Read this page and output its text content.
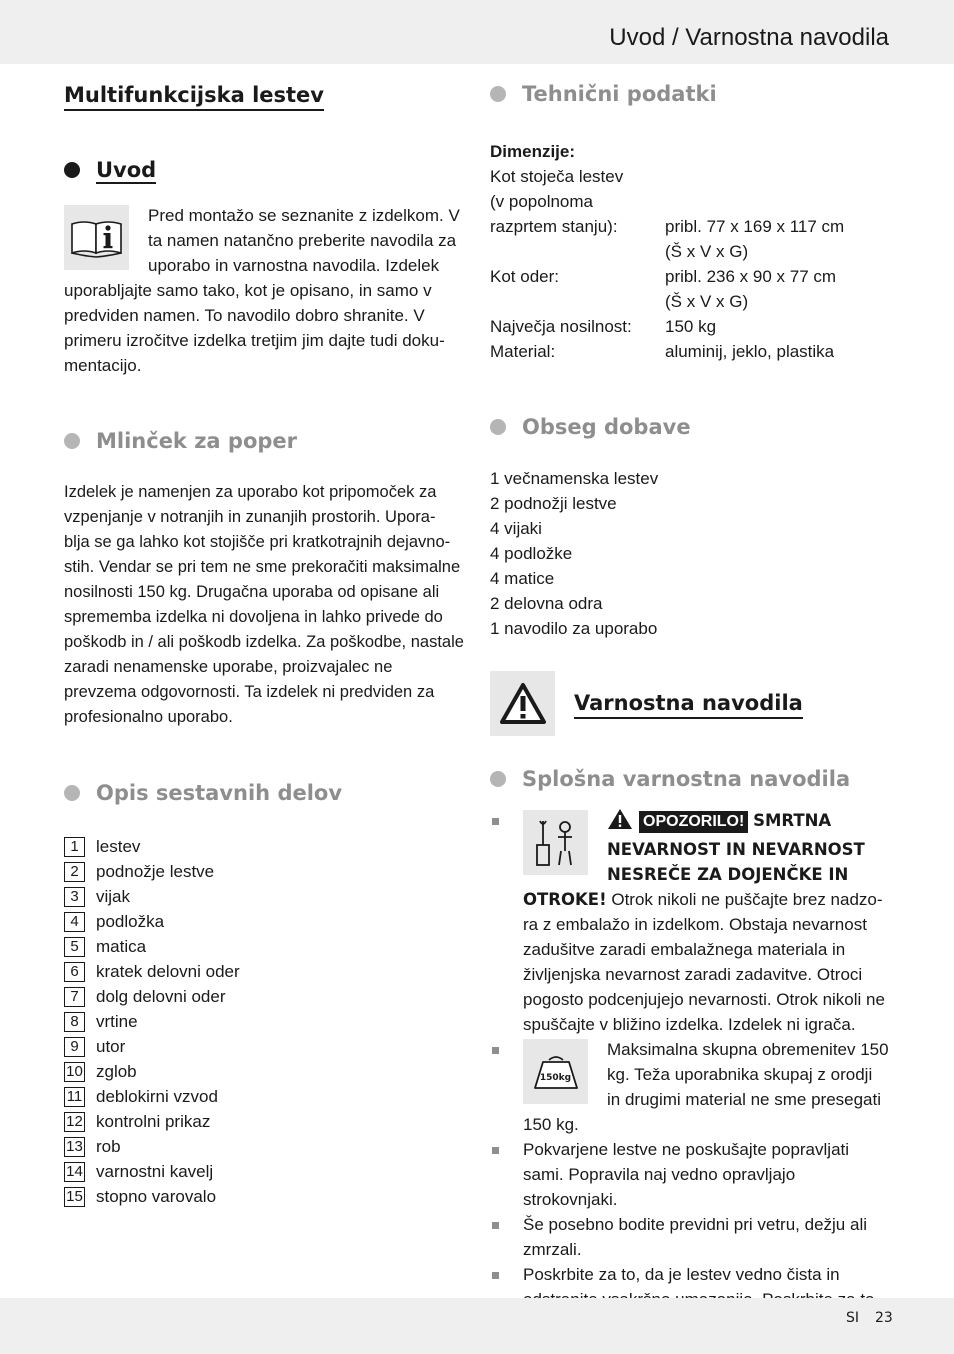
Uvod / Varnostna navodila
Multifunkcijska lestev
Uvod

Pred montažo se seznanite z izdelkom. V ta namen natančno preberite navodila za uporabo in varnostna navodila. Izdelek uporabljajte samo tako, kot je opisano, in samo v predviden namen. To navodilo dobro shranite. V primeru izročitve izdelka tretjim jim dajte tudi doku- mentacijo.

Mlinček za poper

Izdelek je namenjen za uporabo kot pripomoček za vzpenjanje v notranjih in zunanjih prostorih. Upora- blja se ga lahko kot stojišče pri kratkotrajnih dejavno- stih. Vendar se pri tem ne sme prekoračiti maksimalne nosilnosti 150 kg. Drugačna uporaba od opisane ali sprememba izdelka ni dovoljena in lahko privede do poškodb in / ali poškodb izdelka. Za poškodbe, nastale zaradi nenamenske uporabe, proizvajalec ne prevzema odgovornosti. Ta izdelek ni predviden za profesionalno uporabo.

Opis sestavnih delov
1	lestev
2	podnožje lestve
3	vijak
4	podložka
5	matica
6	kratek delovni oder
7	dolg delovni oder
8	vrtine
9	utor
10 zglob
11 deblokirni vzvod
12 kontrolni prikaz
13 rob
14 varnostni kavelj
15 stopno varovalo
Tehnični podatki
Dimenzije:
Kot stoječa lestev
(v popolnoma
razprtem stanju):	pribl. 77 x 169 x 117 cm
(Š x V x G)
Kot oder:	pribl. 236 x 90 x 77 cm
(Š x V x G)
Največja nosilnost:	150 kg
Material:	aluminij, jeklo, plastika
Obseg dobave
1 večnamenska lestev
2 podnožji lestve
4 vijaki
4 podložke
4 matice
2 delovna odra
1 navodilo za uporabo
Varnostna navodila
Splošna varnostna navodila
OPOZORILO! SMRTNA NEVARNOST IN NEVARNOST NESREČE ZA DOJENČKE IN OTROKE! Otrok nikoli ne puščajte brez nadzo- ra z embalažo in izdelkom. Obstaja nevarnost zadušitve zaradi embalažnega materiala in življenjska nevarnost zaradi zadavitve. Otroci pogosto podcenjujejo nevarnosti. Otrok nikoli ne spuščajte v bližino izdelka. Izdelek ni igrača.
150kg
Maksimalna skupna obremenitev 150 kg. Teža uporabnika skupaj z orodji in drugimi material ne sme presegati 150 kg.
Pokvarjene lestve ne poskušajte popravljati sami. Popravila naj vedno opravljajo strokovnjaki.
Še posebno bodite previdni pri vetru, dežju ali zmrzali.
Poskrbite za to, da je lestev vedno čista in
SI 23
